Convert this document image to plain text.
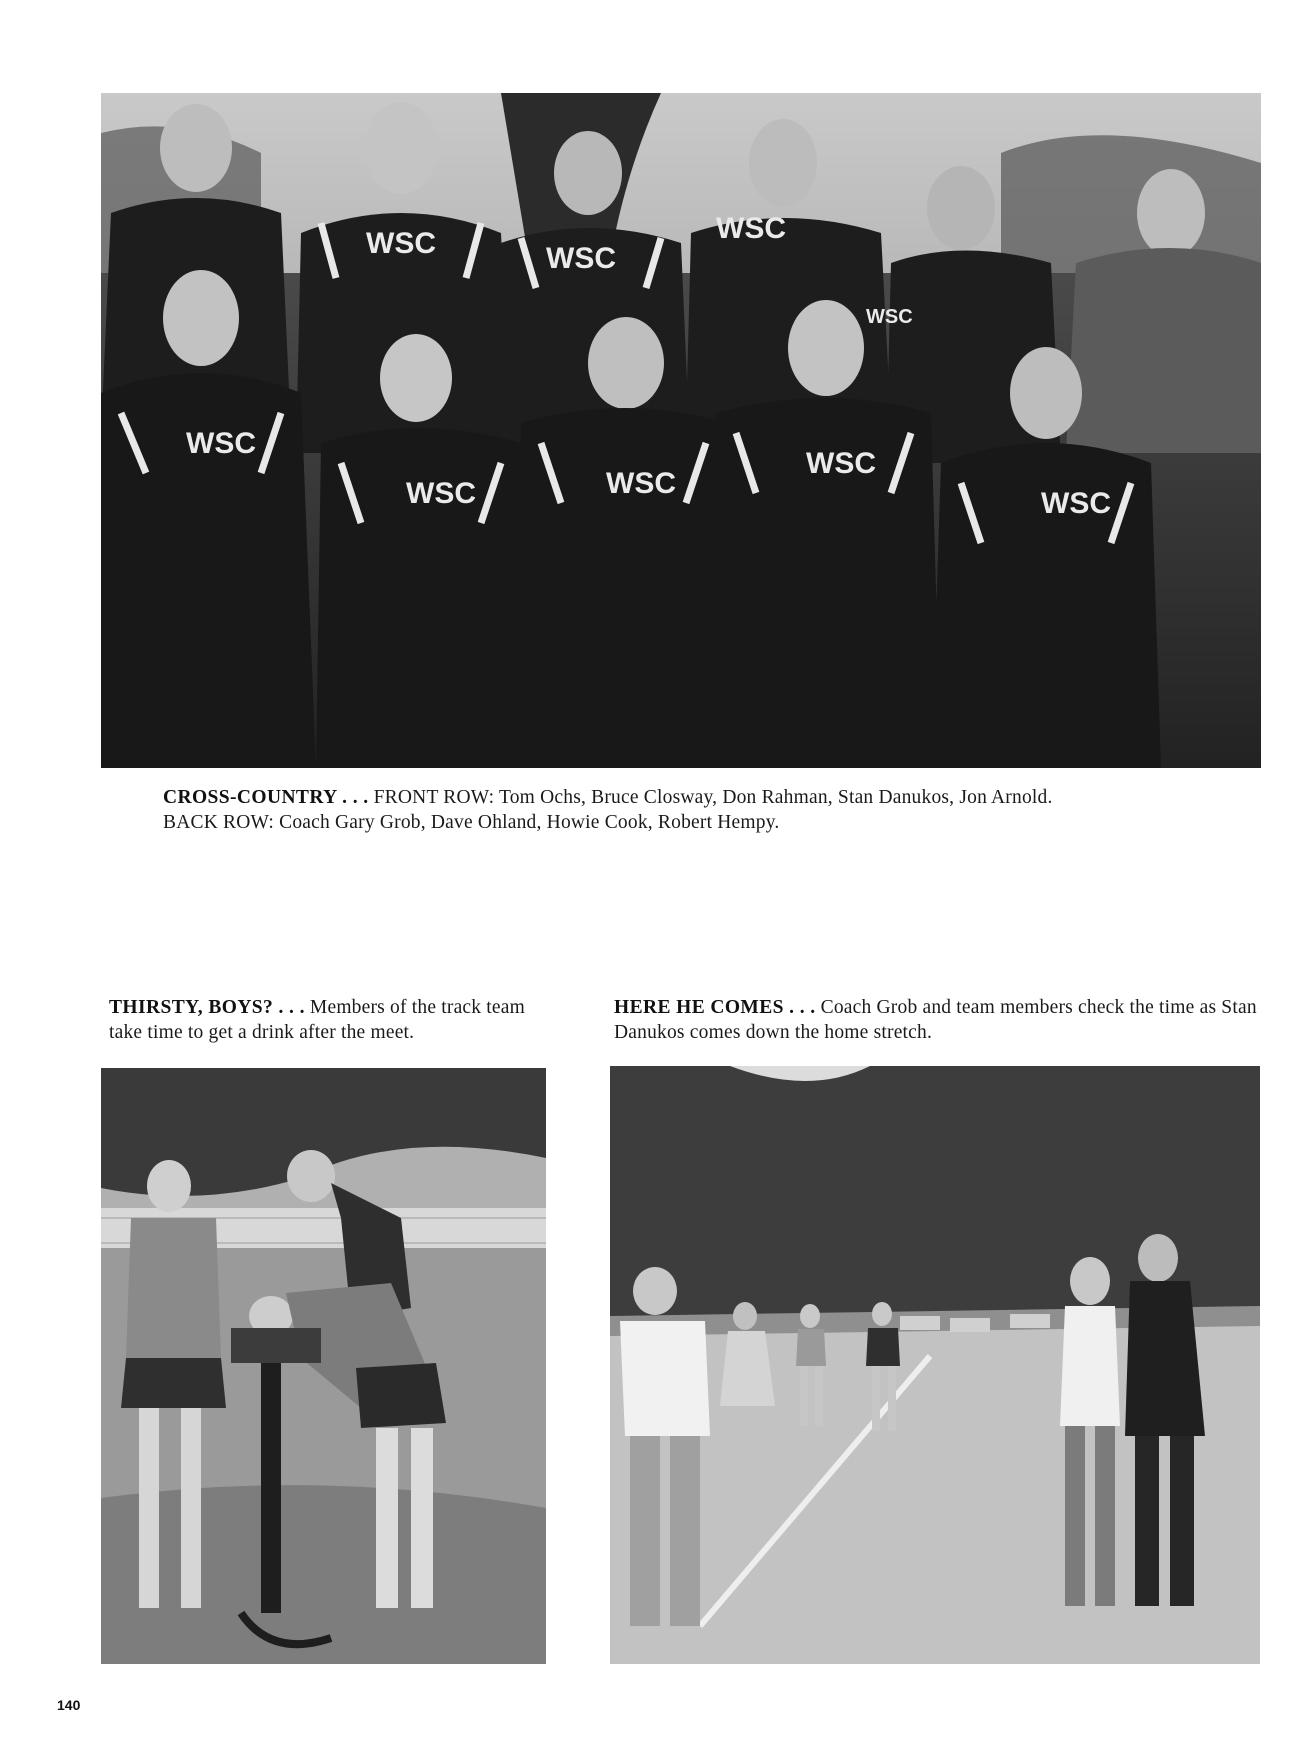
WSC
WSC	WSC
WSC
WSC
WSC	WSC
WSC
WSC
CROSS-COUNTRY . . . FRONT ROW: Tom Ochs, Bruce Closway, Don Rahman, Stan Danukos, Jon Arnold.
BACK ROW: Coach Gary Grob, Dave Ohland, Howie Cook, Robert Hempy.
THIRSTY, BOYS? . . . Members of the track team take time to get a drink after the meet.
HERE HE COMES . . . Coach Grob and team members check the time as Stan Danukos comes down the home stretch.
140
